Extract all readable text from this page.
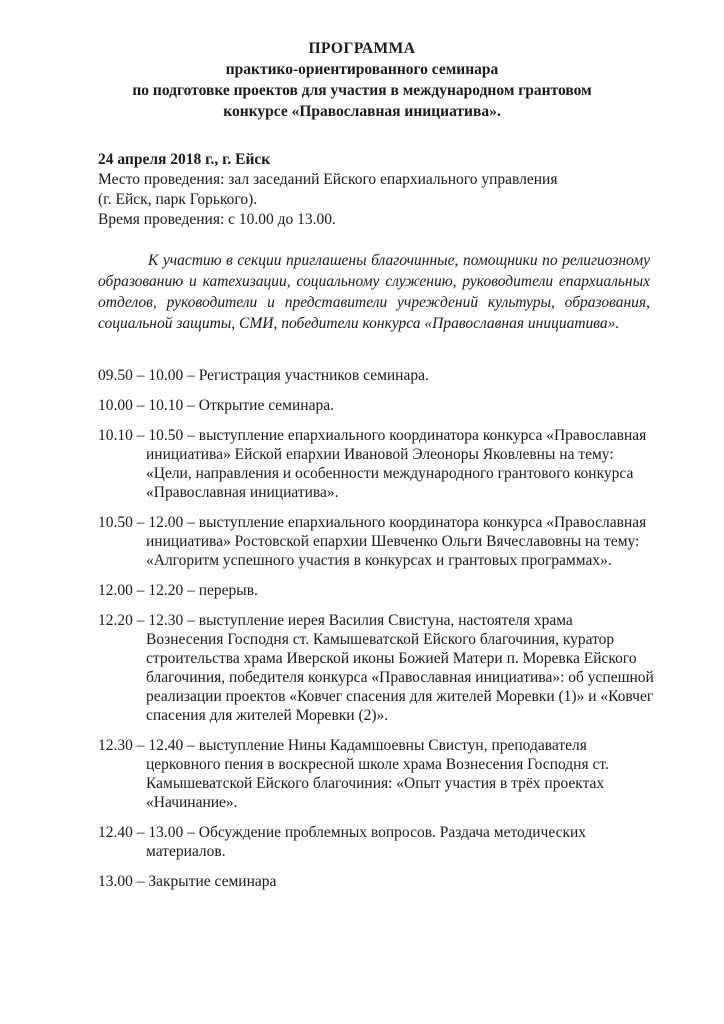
ПРОГРАММА
практико-ориентированного семинара
по подготовке проектов для участия в международном грантовом
конкурсе «Православная инициатива».
24 апреля 2018 г., г. Ейск
Место проведения: зал заседаний Ейского епархиального управления
(г. Ейск, парк Горького).
Время проведения: с 10.00 до 13.00.
К участию в секции приглашены благочинные, помощники по религиозному образованию и катехизации, социальному служению, руководители епархиальных отделов, руководители и представители учреждений культуры, образования, социальной защиты, СМИ, победители конкурса «Православная инициатива».
09.50 – 10.00 – Регистрация участников семинара.
10.00 – 10.10 – Открытие семинара.
10.10 – 10.50 – выступление епархиального координатора конкурса «Православная инициатива» Ейской епархии Ивановой Элеоноры Яковлевны на тему: «Цели, направления и особенности международного грантового конкурса «Православная инициатива».
10.50 – 12.00 – выступление епархиального координатора конкурса «Православная инициатива» Ростовской епархии Шевченко Ольги Вячеславовны на тему: «Алгоритм успешного участия в конкурсах и грантовых программах».
12.00 – 12.20 – перерыв.
12.20 – 12.30 – выступление иерея Василия Свистуна, настоятеля храма Вознесения Господня ст. Камышеватской Ейского благочиния, куратор строительства храма Иверской иконы Божией Матери п. Моревка Ейского благочиния, победителя конкурса «Православная инициатива»: об успешной реализации проектов «Ковчег спасения для жителей Моревки (1)» и «Ковчег спасения для жителей Моревки (2)».
12.30 – 12.40 – выступление Нины Кадамшоевны Свистун, преподавателя церковного пения в воскресной школе храма Вознесения Господня ст. Камышеватской Ейского благочиния: «Опыт участия в трёх проектах «Начинание».
12.40 – 13.00 – Обсуждение проблемных вопросов. Раздача методических материалов.
13.00 – Закрытие семинара
